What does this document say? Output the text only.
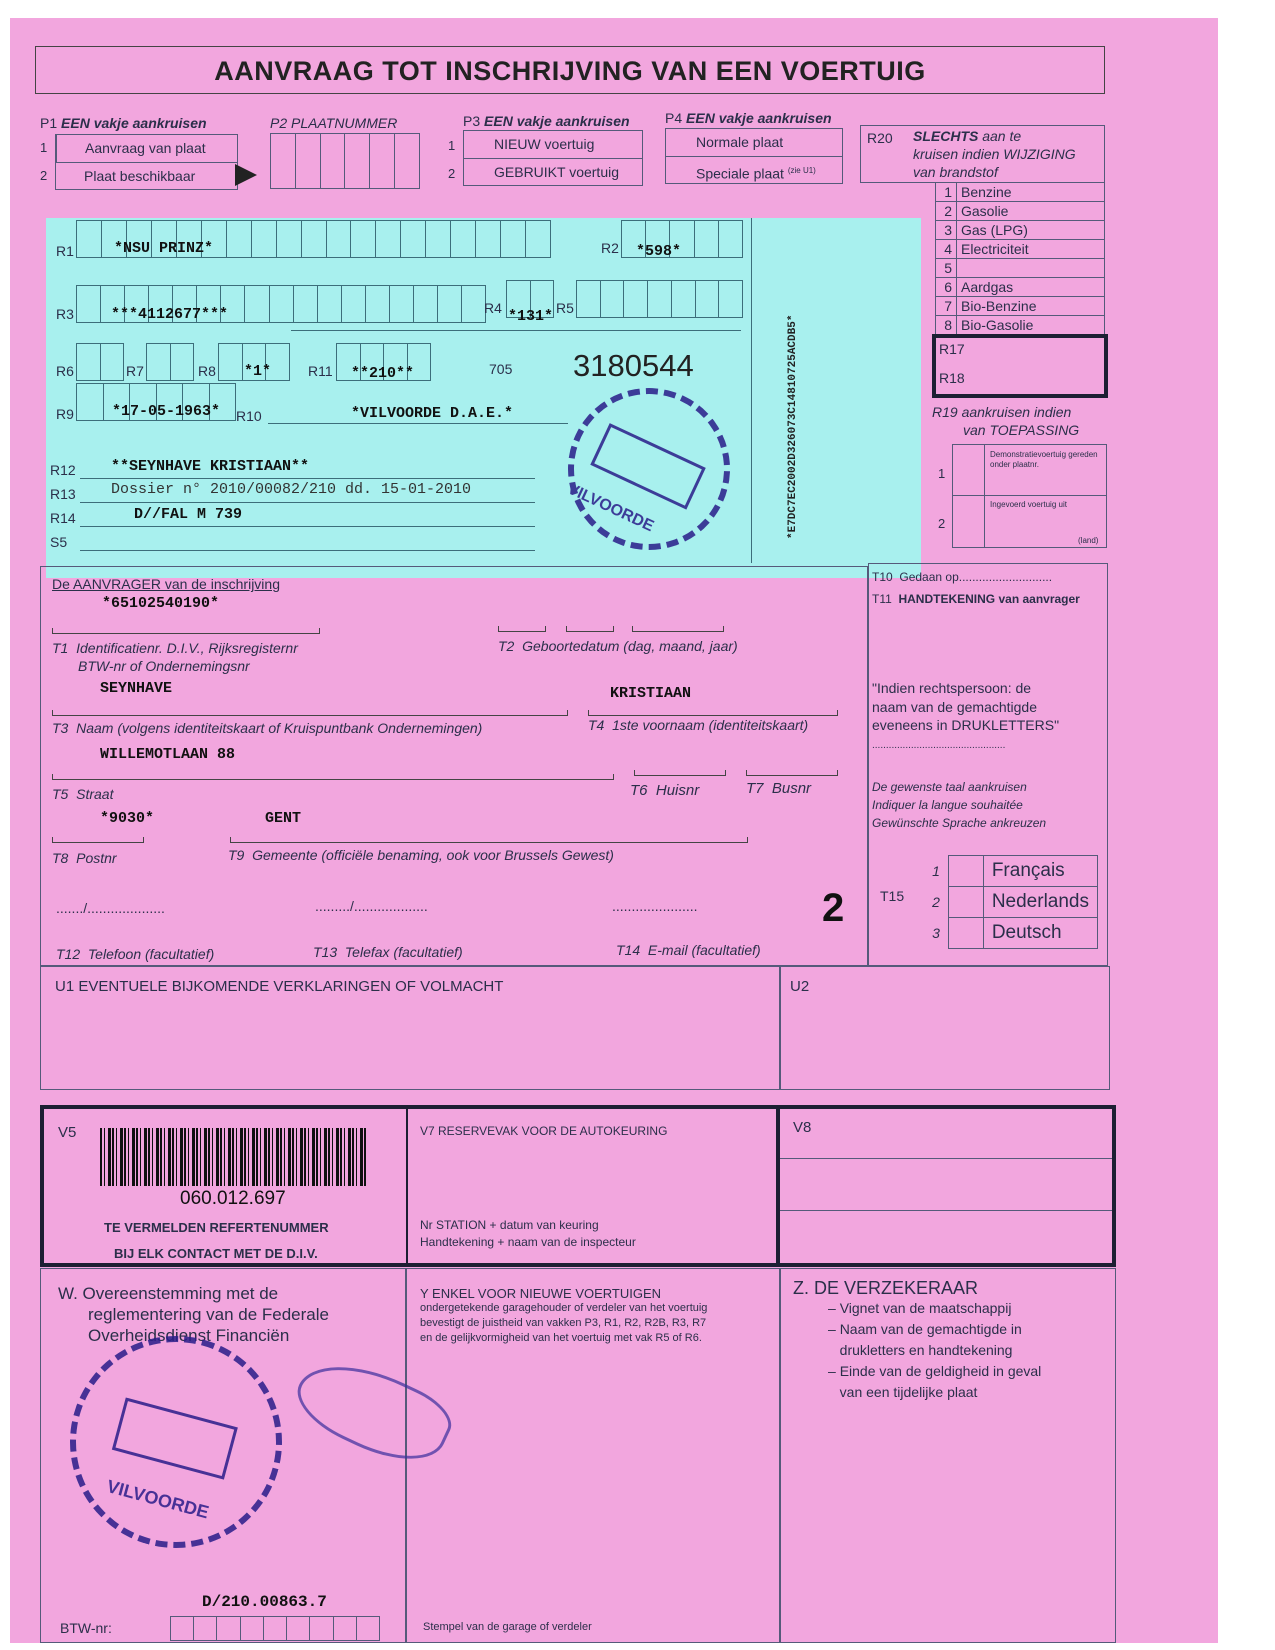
AANVRAAG TOT INSCHRIJVING VAN EEN VOERTUIG
P1 EEN vakje aankruisen
1
2
Aanvraag van plaat
Plaat beschikbaar
P2 PLAATNUMMER	P3 EEN vakje aankruisen
1
2
NIEUW voertuig
GEBRUIKT voertuig
P4 EEN vakje aankruisen
Normale plaat
Speciale plaat $^{(zie U1)}$
R20 SLECHTS aan te
kruisen indien WIJZIGING
van brandstof
1	Benzine
2	Gasolie
3	Gas (LPG)
4	Electriciteit
5	
6	Aardgas
7	Bio-Benzine
8	Bio-Gasolie
R17
R18
R19 aankruisen indien
van TOEPASSING
1
2
Demonstratievoertuig gereden onder plaatnr.
Ingevoerd voertuig uit
(land)
R1	*NSU PRINZ*	R2 *598*
R3 ***4112677***	R4 *131* R5
R6	R7	R8 *1*	R11 **210**	705 3180544
R9	*17-05-1963* R10	*VILVOORDE D.A.E.*
R12 **SEYNHAVE KRISTIAAN**
R13 Dossier n° 2010/00082/210 dd. 15-01-2010
R14	D//FAL M 739
S5
*E7DC7EC2002D326073C14810725ACDB5*
VILVOORDE
De AANVRAGER van de inschrijving
*65102540190*
T1 Identificatienr. D.I.V., Rijksregisternr
BTW-nr of Ondernemingsnr
T2 Geboortedatum (dag, maand, jaar)
SEYNHAVE	KRISTIAAN
T3 Naam (volgens identiteitskaart of Kruispuntbank Ondernemingen)	T4 1ste voornaam (identiteitskaart)
WILLEMOTLAAN 88
T5 Straat	T6 Huisnr	T7 Busnr
*9030*	GENT
T8 Postnr	T9 Gemeente (officiële benaming, ook voor Brussels Gewest)
......./....................	........./...................	......................	2
T12 Telefoon (facultatief)	T13 Telefax (facultatief)	T14 E-mail (facultatief)
T10 Gedaan op............................
T11 HANDTEKENING van aanvrager
"Indien rechtspersoon: de
naam van de gemachtigde
eveneens in DRUKLETTERS"
................................................
De gewenste taal aankruisen
Indiquer la langue souhaitée
Gewünschte Sprache ankreuzen
T15
1		Français
2		Nederlands
3		Deutsch
U1 EVENTUELE BIJKOMENDE VERKLARINGEN OF VOLMACHT	U2
V5
060.012.697
TE VERMELDEN REFERTENUMMER
BIJ ELK CONTACT MET DE D.I.V.
V7 RESERVEVAK VOOR DE AUTOKEURING
Nr STATION + datum van keuring
Handtekening + naam van de inspecteur
V8
W. Overeenstemming met de
reglementering van de Federale
Overheidsdienst Financiën
VILVOORDE
BTW-nr:
D/210.00863.7
Y ENKEL VOOR NIEUWE VOERTUIGEN
ondergetekende garagehouder of verdeler van het voertuig
bevestigt de juistheid van vakken P3, R1, R2, R2B, R3, R7
en de gelijkvormigheid van het voertuig met vak R5 of R6.
Stempel van de garage of verdeler
Z. DE VERZEKERAAR
– Vignet van de maatschappij
– Naam van de gemachtigde in
drukletters en handtekening
– Einde van de geldigheid in geval
van een tijdelijke plaat
